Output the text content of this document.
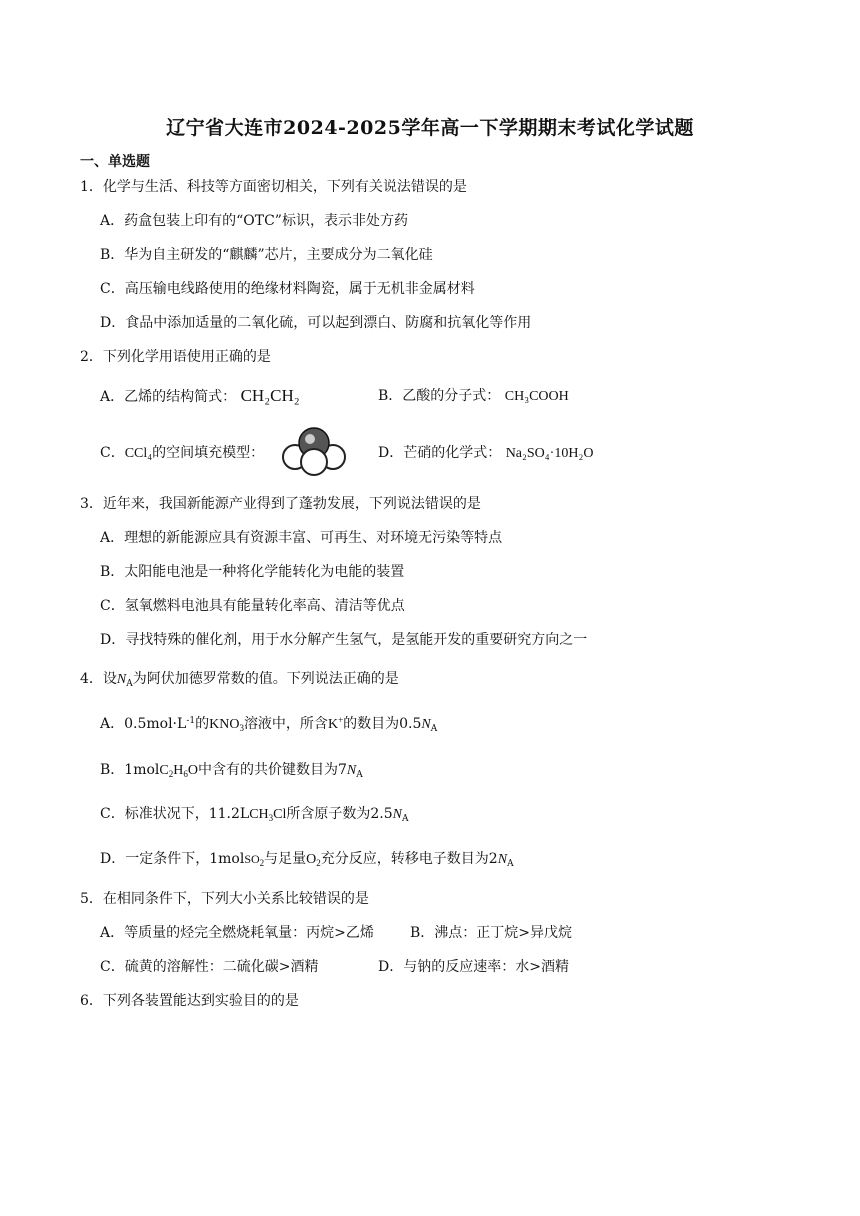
辽宁省大连市2024-2025学年高一下学期期末考试化学试题
一、单选题
1．化学与生活、科技等方面密切相关，下列有关说法错误的是
A．药盒包装上印有的“OTC”标识，表示非处方药
B．华为自主研发的“麒麟”芯片，主要成分为二氧化硅
C．高压输电线路使用的绝缘材料陶瓷，属于无机非金属材料
D．食品中添加适量的二氧化硫，可以起到漂白、防腐和抗氧化等作用
2．下列化学用语使用正确的是
A．乙烯的结构简式： CH₂CH₂	B．乙酸的分子式： CH₃COOH
C．CCl₄的空间填充模型：	D．芒硝的化学式： Na₂SO₄·10H₂O
3．近年来，我国新能源产业得到了蓬勃发展，下列说法错误的是
A．理想的新能源应具有资源丰富、可再生、对环境无污染等特点
B．太阳能电池是一种将化学能转化为电能的装置
C．氢氧燃料电池具有能量转化率高、清洁等优点
D．寻找特殊的催化剂，用于水分解产生氢气，是氢能开发的重要研究方向之一
4．设$N_A$为阿伏加德罗常数的值。下列说法正确的是
A．$0.5mol\cdot L^{-1}$的$KNO_3$溶液中，所含K+的数目为$0.5N_A$
B．$1molC_2H_6O$中含有的共价键数目为$7N_A$
C．标准状况下，$11.2LCH_3Cl$所含原子数为$2.5N_A$
D．一定条件下，1molSO$_2$与足量$O_2$充分反应，转移电子数目为$2N_A$
5．在相同条件下，下列大小关系比较错误的是
A．等质量的烃完全燃烧耗氧量：丙烷>乙烯	B．沸点：正丁烷>异戊烷
C．硫黄的溶解性：二硫化碳>酒精	D．与钠的反应速率：水>酒精
6．下列各装置能达到实验目的的是
